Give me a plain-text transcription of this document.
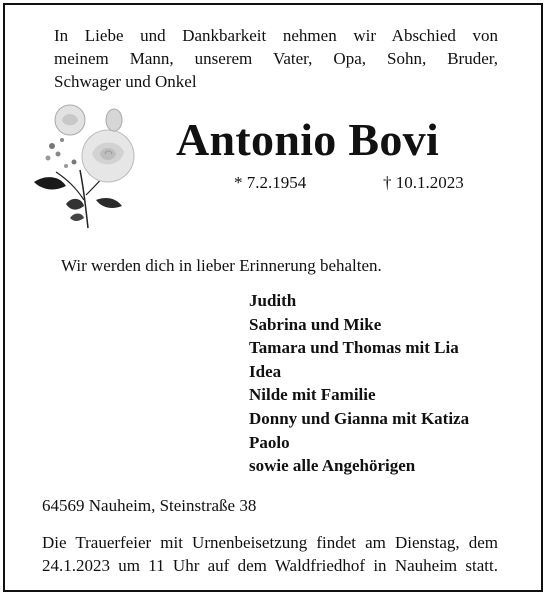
In Liebe und Dankbarkeit nehmen wir Abschied von
meinem Mann, unserem Vater, Opa, Sohn, Bruder,
Schwager und Onkel
Antonio Bovi
* 7.2.1954	† 10.1.2023
Wir werden dich in lieber Erinnerung behalten.
Judith
Sabrina und Mike
Tamara und Thomas mit Lia
Idea
Nilde mit Familie
Donny und Gianna mit Katiza
Paolo
sowie alle Angehörigen
64569 Nauheim, Steinstraße 38
Die Trauerfeier mit Urnenbeisetzung findet am Dienstag, dem
24.1.2023 um 11 Uhr auf dem Waldfriedhof in Nauheim statt.
